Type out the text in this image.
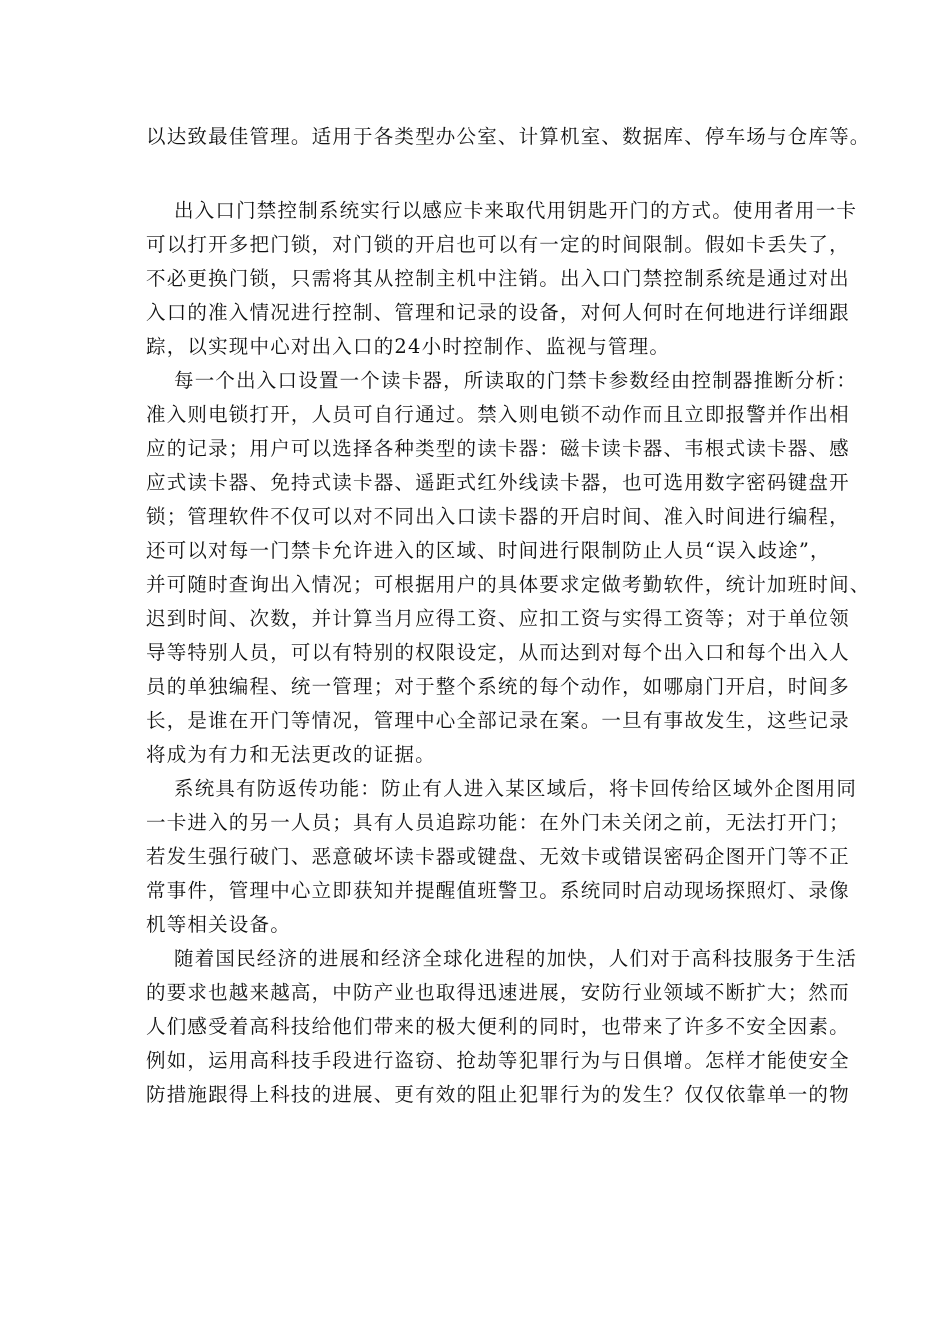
以达致最佳管理。适用于各类型办公室、计算机室、数据库、停车场与仓库等。
出入口门禁控制系统实行以感应卡来取代用钥匙开门的方式。使用者用一卡
可以打开多把门锁，对门锁的开启也可以有一定的时间限制。假如卡丢失了，
不必更换门锁，只需将其从控制主机中注销。出入口门禁控制系统是通过对出
入口的准入情况进行控制、管理和记录的设备，对何人何时在何地进行详细跟
踪，以实现中心对出入口的24小时控制作、监视与管理。
每一个出入口设置一个读卡器，所读取的门禁卡参数经由控制器推断分析：
准入则电锁打开，人员可自行通过。禁入则电锁不动作而且立即报警并作出相
应的记录；用户可以选择各种类型的读卡器：磁卡读卡器、韦根式读卡器、感
应式读卡器、免持式读卡器、遥距式红外线读卡器，也可选用数字密码键盘开
锁；管理软件不仅可以对不同出入口读卡器的开启时间、准入时间进行编程，
还可以对每一门禁卡允许进入的区域、时间进行限制防止人员“误入歧途”，
并可随时查询出入情况；可根据用户的具体要求定做考勤软件，统计加班时间、
迟到时间、次数，并计算当月应得工资、应扣工资与实得工资等；对于单位领
导等特别人员，可以有特别的权限设定，从而达到对每个出入口和每个出入人
员的单独编程、统一管理；对于整个系统的每个动作，如哪扇门开启，时间多
长，是谁在开门等情况，管理中心全部记录在案。一旦有事故发生，这些记录
将成为有力和无法更改的证据。
系统具有防返传功能：防止有人进入某区域后，将卡回传给区域外企图用同
一卡进入的另一人员；具有人员追踪功能：在外门未关闭之前，无法打开门；
若发生强行破门、恶意破坏读卡器或键盘、无效卡或错误密码企图开门等不正
常事件，管理中心立即获知并提醒值班警卫。系统同时启动现场探照灯、录像
机等相关设备。
随着国民经济的进展和经济全球化进程的加快，人们对于高科技服务于生活
的要求也越来越高，中防产业也取得迅速进展，安防行业领域不断扩大；然而
人们感受着高科技给他们带来的极大便利的同时，也带来了许多不安全因素。
例如，运用高科技手段进行盗窃、抢劫等犯罪行为与日俱增。怎样才能使安全
防措施跟得上科技的进展、更有效的阻止犯罪行为的发生？仅仅依靠单一的物
